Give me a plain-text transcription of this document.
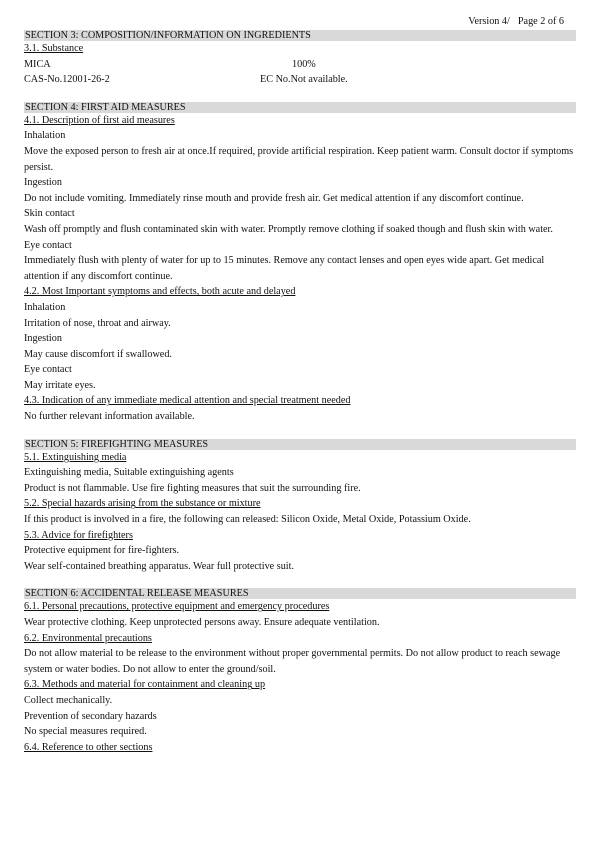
Version 4/ Page 2 of 6
SECTION 3: COMPOSITION/INFORMATION ON INGREDIENTS
3.1. Substance
MICA	100%
CAS-No.12001-26-2	EC No.Not available.
SECTION 4: FIRST AID MEASURES
4.1. Description of first aid measures
Inhalation
Move the exposed person to fresh air at once.If required, provide artificial respiration. Keep patient warm. Consult doctor if symptoms persist.
Ingestion
Do not include vomiting. Immediately rinse mouth and provide fresh air. Get medical attention if any discomfort continue.
Skin contact
Wash off promptly and flush contaminated skin with water. Promptly remove clothing if soaked though and flush skin with water.
Eye contact
Immediately flush with plenty of water for up to 15 minutes. Remove any contact lenses and open eyes wide apart. Get medical attention if any discomfort continue.
4.2. Most Important symptoms and effects, both acute and delayed
Inhalation
Irritation of nose, throat and airway.
Ingestion
May cause discomfort if swallowed.
Eye contact
May irritate eyes.
4.3. Indication of any immediate medical attention and special treatment needed
No further relevant information available.
SECTION 5: FIREFIGHTING MEASURES
5.1. Extinguishing media
Extinguishing media, Suitable extinguishing agents
Product is not flammable. Use fire fighting measures that suit the surrounding fire.
5.2. Special hazards arising from the substance or mixture
If this product is involved in a fire, the following can released: Silicon Oxide, Metal Oxide, Potassium Oxide.
5.3. Advice for firefighters
Protective equipment for fire-fighters.
Wear self-contained breathing apparatus. Wear full protective suit.
SECTION 6: ACCIDENTAL RELEASE MEASURES
6.1. Personal precautions, protective equipment and emergency procedures
Wear protective clothing. Keep unprotected persons away. Ensure adequate ventilation.
6.2. Environmental precautions
Do not allow material to be release to the environment without proper governmental permits. Do not allow product to reach sewage system or water bodies. Do not allow to enter the ground/soil.
6.3. Methods and material for containment and cleaning up
Collect mechanically.
Prevention of secondary hazards
No special measures required.
6.4. Reference to other sections
